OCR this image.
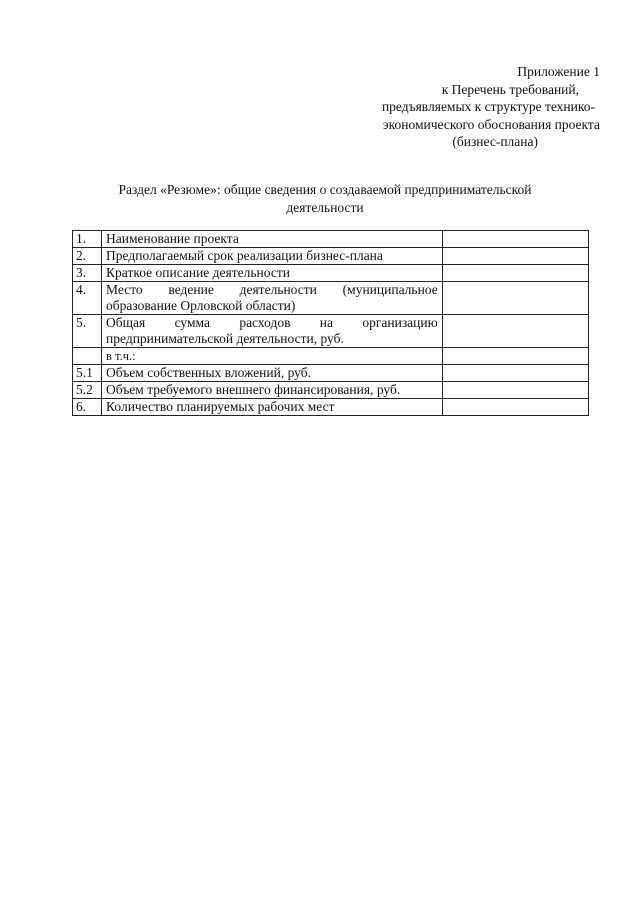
Приложение 1
к Перечень требований,
предъявляемых к структуре технико-
экономического обоснования проекта
(бизнес-плана)
Раздел «Резюме»: общие сведения о создаваемой предпринимательской деятельности
1.	Наименование проекта	
2.	Предполагаемый срок реализации бизнес-плана	
3.	Краткое описание деятельности	
4.	Место ведение деятельности (муниципальное образование Орловской области)	
5.	Общая сумма расходов на организацию предпринимательской деятельности, руб.	
	в т.ч.:	
5.1	Объем собственных вложений, руб.	
5.2	Объем требуемого внешнего финансирования, руб.	
6.	Количество планируемых рабочих мест	
